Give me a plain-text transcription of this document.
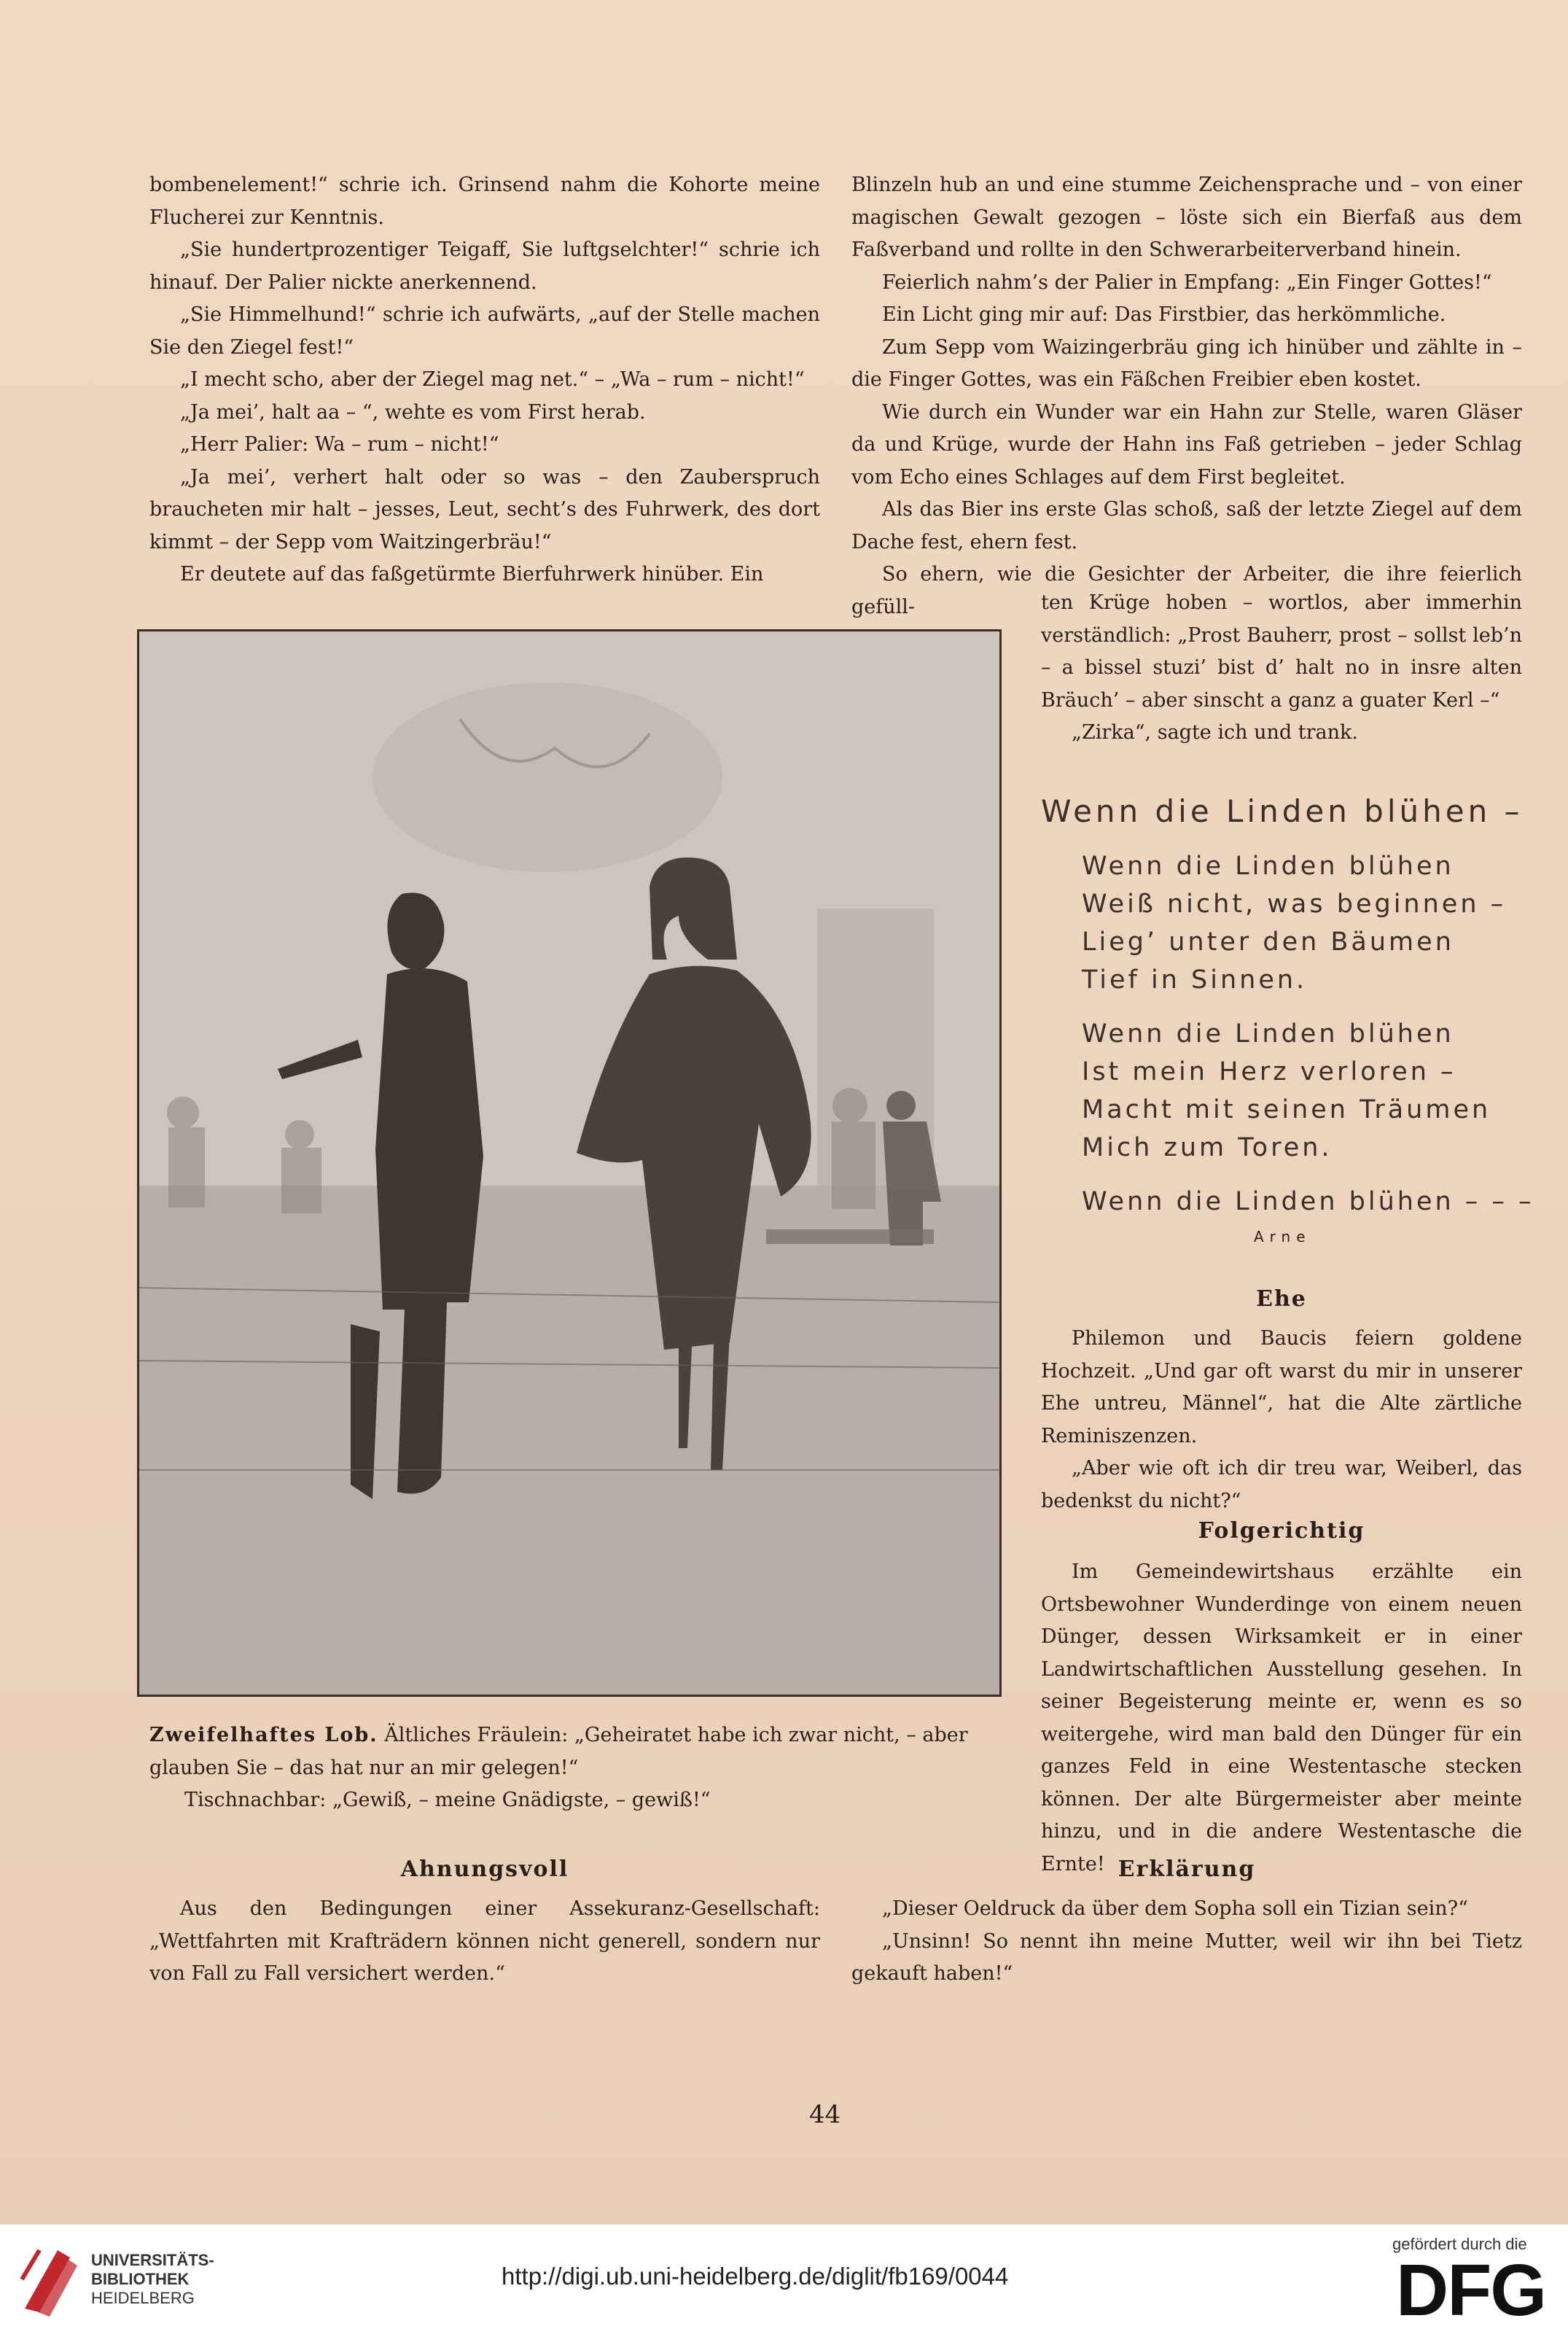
bombenelement!“ schrie ich. Grinsend nahm die Kohorte meine Flucherei zur Kenntnis.

„Sie hundertprozentiger Teigaff, Sie luftgselchter!“ schrie ich hinauf. Der Palier nickte anerkennend.

„Sie Himmelhund!“ schrie ich aufwärts, „auf der Stelle machen Sie den Ziegel fest!“

„I mecht scho, aber der Ziegel mag net.“ – „Wa – rum – nicht!“

„Ja mei’, halt aa – “, wehte es vom First herab.

„Herr Palier: Wa – rum – nicht!“

„Ja mei’, verhert halt oder so was – den Zauberspruch braucheten mir halt – jesses, Leut, secht’s des Fuhrwerk, des dort kimmt – der Sepp vom Waitzingerbräu!“

Er deutete auf das faßgetürmte Bierfuhrwerk hinüber. Ein

Blinzeln hub an und eine stumme Zeichensprache und – von einer magischen Gewalt gezogen – löste sich ein Bierfaß aus dem Faßverband und rollte in den Schwerarbeiterverband hinein.

Feierlich nahm’s der Palier in Empfang: „Ein Finger Gottes!“

Ein Licht ging mir auf: Das Firstbier, das herkömmliche.

Zum Sepp vom Waizingerbräu ging ich hinüber und zählte in – die Finger Gottes, was ein Fäßchen Freibier eben kostet.

Wie durch ein Wunder war ein Hahn zur Stelle, waren Gläser da und Krüge, wurde der Hahn ins Faß getrieben – jeder Schlag vom Echo eines Schlages auf dem First begleitet.

Als das Bier ins erste Glas schoß, saß der letzte Ziegel auf dem Dache fest, ehern fest.

So ehern, wie die Gesichter der Arbeiter, die ihre feierlich gefüll-	ten Krüge hoben – wortlos, aber immerhin verständlich: „Prost Bauherr, prost – sollst leb’n – a bissel stuzi’ bist d’ halt no in insre alten Bräuch’ – aber sinscht a ganz a guater Kerl –“

„Zirka“, sagte ich und trank.

Zweifelhaftes Lob. Ältliches Fräulein: „Geheiratet habe ich zwar nicht, – aber glauben Sie – das hat nur an mir gelegen!“

Tischnachbar: „Gewiß, – meine Gnädigste, – gewiß!“

Wenn die Linden blühen –
Wenn die Linden blühen
Weiß nicht, was beginnen –
Lieg’ unter den Bäumen
Tief in Sinnen.
Wenn die Linden blühen
Ist mein Herz verloren –
Macht mit seinen Träumen
Mich zum Toren.
Wenn die Linden blühen – – –
Arne
Ehe

Philemon und Baucis feiern goldene Hochzeit. „Und gar oft warst du mir in unserer Ehe untreu, Männel“, hat die Alte zärtliche Reminiszenzen.

„Aber wie oft ich dir treu war, Weiberl, das bedenkst du nicht?“

Folgerichtig

Im Gemeindewirtshaus erzählte ein Ortsbewohner Wunderdinge von einem neuen Dünger, dessen Wirksamkeit er in einer Landwirtschaftlichen Ausstellung gesehen. In seiner Begeisterung meinte er, wenn es so weitergehe, wird man bald den Dünger für ein ganzes Feld in eine Westentasche stecken können. Der alte Bürgermeister aber meinte hinzu, und in die andere Westentasche die Ernte!

Ahnungsvoll

Aus den Bedingungen einer Assekuranz-Gesellschaft: „Wettfahrten mit Krafträdern können nicht generell, sondern nur von Fall zu Fall versichert werden.“

Erklärung

„Dieser Oeldruck da über dem Sopha soll ein Tizian sein?“

„Unsinn! So nennt ihn meine Mutter, weil wir ihn bei Tietz gekauft haben!“

44
UNIVERSITÄTS-
BIBLIOTHEK
HEIDELBERG
http://digi.ub.uni-heidelberg.de/diglit/fb169/0044
gefördert durch die
DFG
